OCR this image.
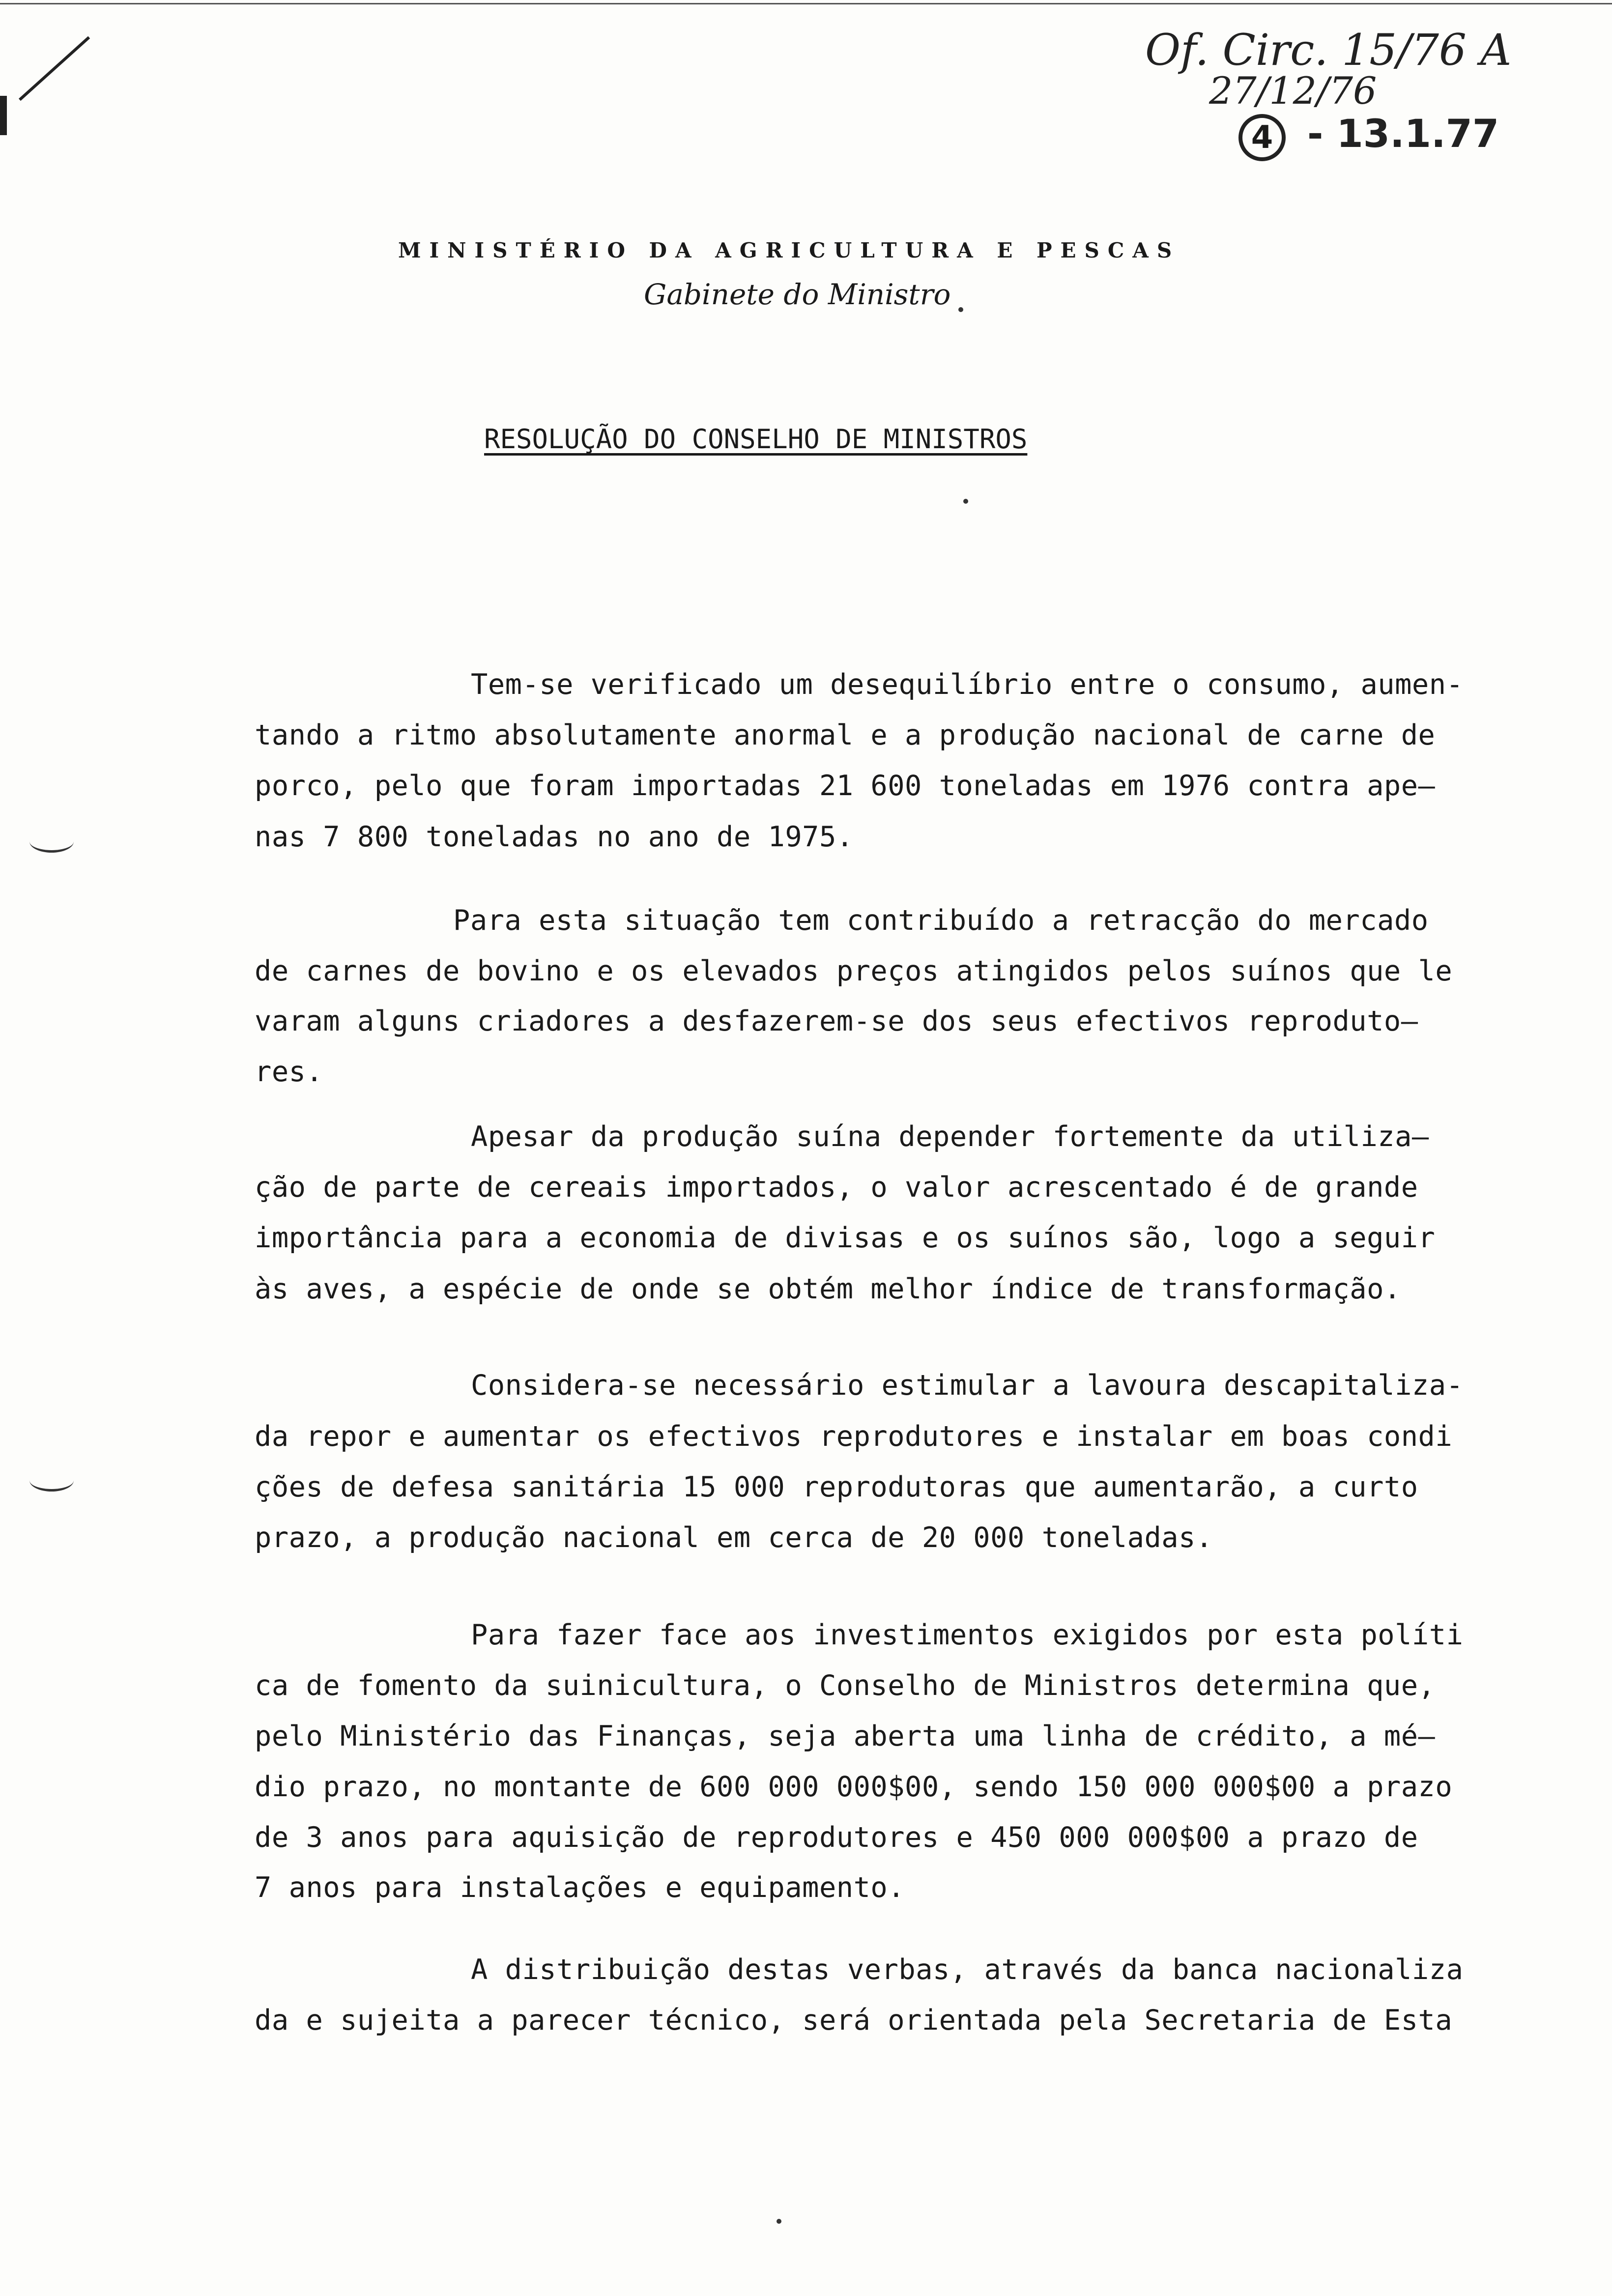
Of. Circ. 15/76 A
27/12/76
4 - 13.1.77
MINISTÉRIO DA AGRICULTURA E PESCAS
Gabinete do Ministro
RESOLUÇÃO DO CONSELHO DE MINISTROS
Tem-se verificado um desequilíbrio entre o consumo, aumen-
tando a ritmo absolutamente anormal e a produção nacional de carne de
porco, pelo que foram importadas 21 600 toneladas em 1976 contra ape—
nas 7 800 toneladas no ano de 1975.
Para esta situação tem contribuído a retracção do mercado
de carnes de bovino e os elevados preços atingidos pelos suínos que le
varam alguns criadores a desfazerem-se dos seus efectivos reproduto—
res.
Apesar da produção suína depender fortemente da utiliza—
ção de parte de cereais importados, o valor acrescentado é de grande
importância para a economia de divisas e os suínos são, logo a seguir
às aves, a espécie de onde se obtém melhor índice de transformação.
Considera-se necessário estimular a lavoura descapitaliza-
da repor e aumentar os efectivos reprodutores e instalar em boas condi
ções de defesa sanitária 15 000 reprodutoras que aumentarão, a curto
prazo, a produção nacional em cerca de 20 000 toneladas.
Para fazer face aos investimentos exigidos por esta políti
ca de fomento da suinicultura, o Conselho de Ministros determina que,
pelo Ministério das Finanças, seja aberta uma linha de crédito, a mé—
dio prazo, no montante de 600 000 000$00, sendo 150 000 000$00 a prazo
de 3 anos para aquisição de reprodutores e 450 000 000$00 a prazo de
7 anos para instalações e equipamento.
A distribuição destas verbas, através da banca nacionaliza
da e sujeita a parecer técnico, será orientada pela Secretaria de Esta
